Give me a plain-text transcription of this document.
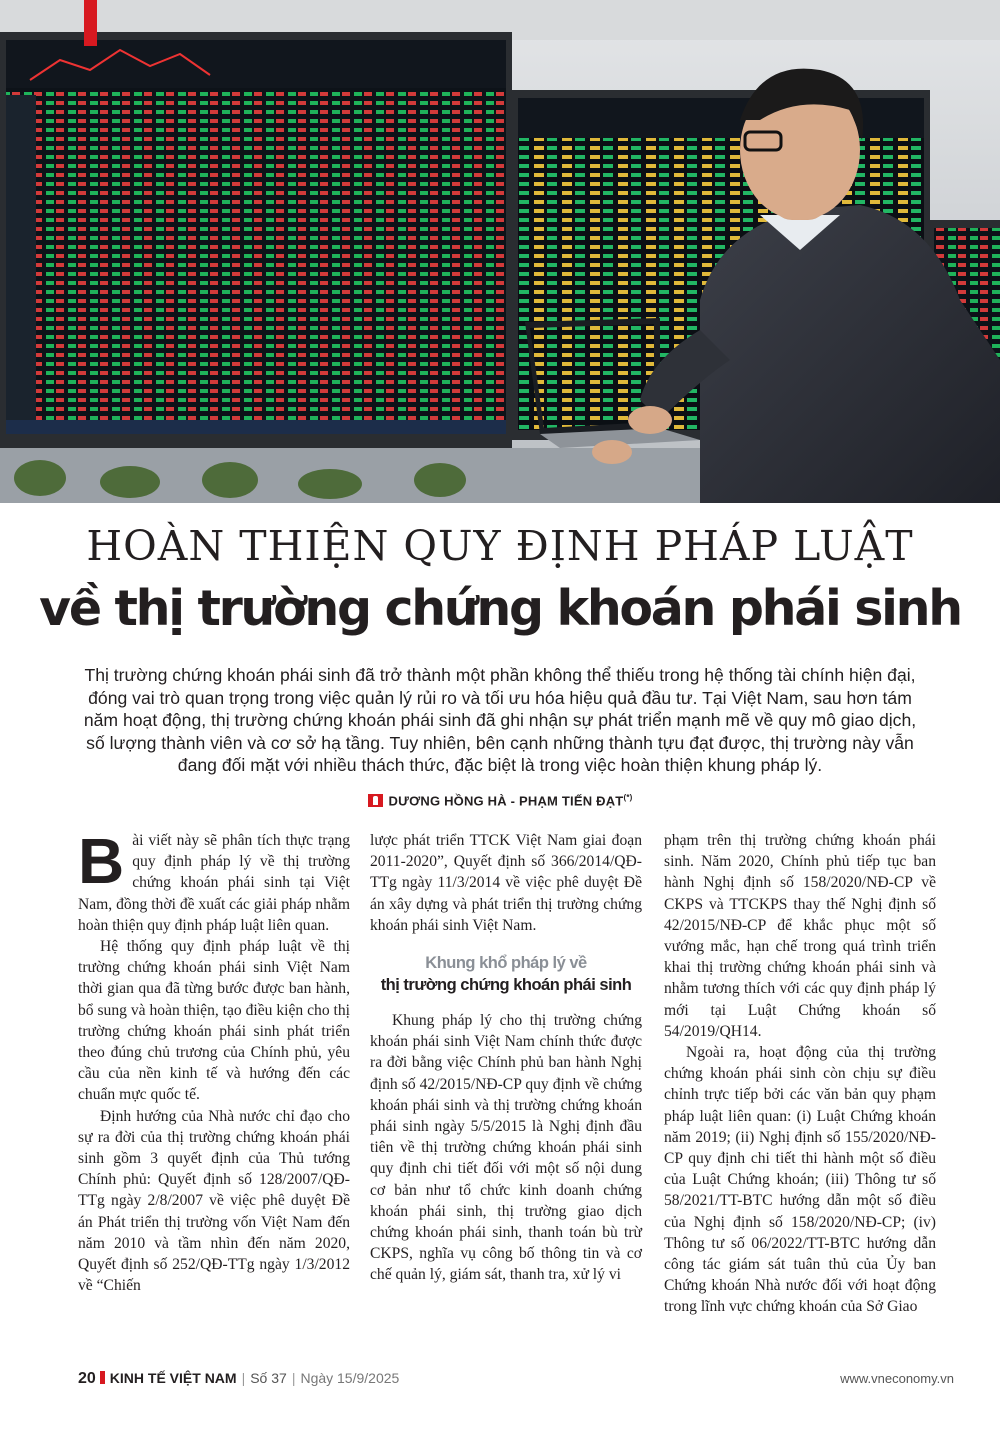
HOÀN THIỆN QUY ĐỊNH PHÁP LUẬT
về thị trường chứng khoán phái sinh

Thị trường chứng khoán phái sinh đã trở thành một phần không thể thiếu trong hệ thống tài chính hiện đại, đóng vai trò quan trọng trong việc quản lý rủi ro và tối ưu hóa hiệu quả đầu tư. Tại Việt Nam, sau hơn tám năm hoạt động, thị trường chứng khoán phái sinh đã ghi nhận sự phát triển mạnh mẽ về quy mô giao dịch, số lượng thành viên và cơ sở hạ tầng. Tuy nhiên, bên cạnh những thành tựu đạt được, thị trường này vẫn đang đối mặt với nhiều thách thức, đặc biệt là trong việc hoàn thiện khung pháp lý.

DƯƠNG HỒNG HÀ - PHẠM TIẾN ĐẠT(*)

Bài viết này sẽ phân tích thực trạng quy định pháp lý về thị trường chứng khoán phái sinh tại Việt Nam, đồng thời đề xuất các giải pháp nhằm hoàn thiện quy định pháp luật liên quan.

Hệ thống quy định pháp luật về thị trường chứng khoán phái sinh Việt Nam thời gian qua đã từng bước được ban hành, bổ sung và hoàn thiện, tạo điều kiện cho thị trường chứng khoán phái sinh phát triển theo đúng chủ trương của Chính phủ, yêu cầu của nền kinh tế và hướng đến các chuẩn mực quốc tế.

Định hướng của Nhà nước chỉ đạo cho sự ra đời của thị trường chứng khoán phái sinh gồm 3 quyết định của Thủ tướng Chính phủ: Quyết định số 128/2007/QĐ-TTg ngày 2/8/2007 về việc phê duyệt Đề án Phát triển thị trường vốn Việt Nam đến năm 2010 và tầm nhìn đến năm 2020, Quyết định số 252/QĐ-TTg ngày 1/3/2012 về “Chiến

lược phát triển TTCK Việt Nam giai đoạn 2011-2020”, Quyết định số 366/2014/QĐ-TTg ngày 11/3/2014 về việc phê duyệt Đề án xây dựng và phát triển thị trường chứng khoán phái sinh Việt Nam.

Khung khổ pháp lý về
thị trường chứng khoán phái sinh

Khung pháp lý cho thị trường chứng khoán phái sinh Việt Nam chính thức được ra đời bằng việc Chính phủ ban hành Nghị định số 42/2015/NĐ-CP quy định về chứng khoán phái sinh và thị trường chứng khoán phái sinh ngày 5/5/2015 là Nghị định đầu tiên về thị trường chứng khoán phái sinh quy định chi tiết đối với một số nội dung cơ bản như tổ chức kinh doanh chứng khoán phái sinh, thị trường giao dịch chứng khoán phái sinh, thanh toán bù trừ CKPS, nghĩa vụ công bố thông tin và cơ chế quản lý, giám sát, thanh tra, xử lý vi

phạm trên thị trường chứng khoán phái sinh. Năm 2020, Chính phủ tiếp tục ban hành Nghị định số 158/2020/NĐ-CP về CKPS và TTCKPS thay thế Nghị định số 42/2015/NĐ-CP để khắc phục một số vướng mắc, hạn chế trong quá trình triển khai thị trường chứng khoán phái sinh và nhằm tương thích với các quy định pháp lý mới tại Luật Chứng khoán số 54/2019/QH14.

Ngoài ra, hoạt động của thị trường chứng khoán phái sinh còn chịu sự điều chỉnh trực tiếp bởi các văn bản quy phạm pháp luật liên quan: (i) Luật Chứng khoán năm 2019; (ii) Nghị định số 155/2020/NĐ-CP quy định chi tiết thi hành một số điều của Luật Chứng khoán; (iii) Thông tư số 58/2021/TT-BTC hướng dẫn một số điều của Nghị định số 158/2020/NĐ-CP; (iv) Thông tư số 06/2022/TT-BTC hướng dẫn công tác giám sát tuân thủ của Ủy ban Chứng khoán Nhà nước đối với hoạt động trong lĩnh vực chứng khoán của Sở Giao

20 KINH TẾ VIỆT NAM | Số 37 | Ngày 15/9/2025	www.vneconomy.vn
